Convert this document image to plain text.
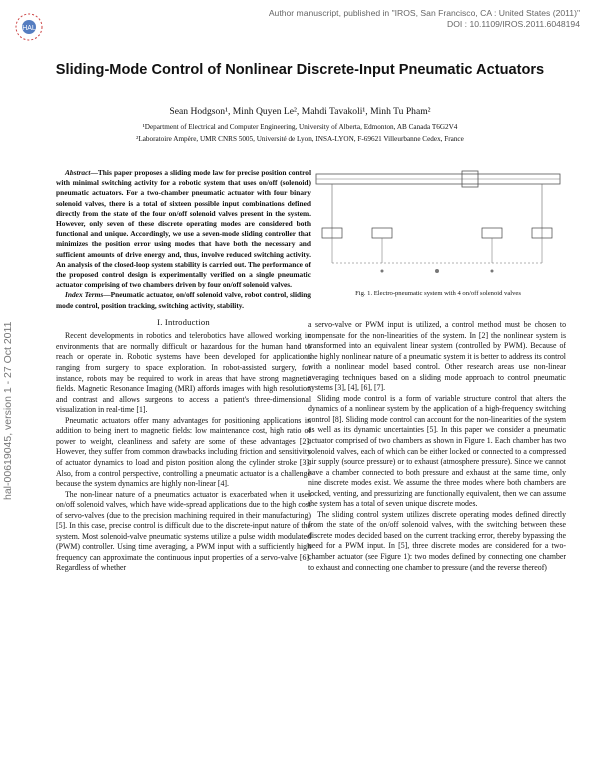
Author manuscript, published in "IROS, San Francisco, CA : United States (2011)"
DOI : 10.1109/IROS.2011.6048194
HAL
hal-00619045, version 1 - 27 Oct 2011
Sliding-Mode Control of Nonlinear Discrete-Input Pneumatic Actuators
Sean Hodgson¹, Minh Quyen Le², Mahdi Tavakoli¹, Minh Tu Pham²
¹Department of Electrical and Computer Engineering, University of Alberta, Edmonton, AB Canada T6G2V4
²Laboratoire Ampère, UMR CNRS 5005, Université de Lyon, INSA-LYON, F-69621 Villeurbanne Cedex, France

Abstract—This paper proposes a sliding mode law for precise position control with minimal switching activity for a robotic system that uses on/off (solenoid) pneumatic actuators. For a two-chamber pneumatic actuator with four binary solenoid valves, there is a total of sixteen possible input combinations defined directly from the state of the four on/off solenoid valves present in the system. However, only seven of these discrete operating modes are considered both functional and unique. Accordingly, we use a seven-mode sliding controller that minimizes the position error using modes that have both the necessary and sufficient amounts of drive energy and, thus, involve reduced switching activity. An analysis of the closed-loop system stability is carried out. The performance of the proposed control design is experimentally verified on a single pneumatic actuator comprising of two chambers driven by four on/off solenoid valves.

Index Terms—Pneumatic actuator, on/off solenoid valve, robot control, sliding mode control, position tracking, switching activity, stability.

I. Introduction

Recent developments in robotics and telerobotics have allowed working in environments that are normally difficult or hazardous for the human hand to reach or operate in. Robotic systems have been developed for applications ranging from surgery to space exploration. In robot-assisted surgery, for instance, robots may be required to work in areas that have strong magnetic fields. Magnetic Resonance Imaging (MRI) affords images with high resolution and contrast and allows surgeons to access a patient's three-dimensional visualization in real-time [1].

Pneumatic actuators offer many advantages for positioning applications in addition to being inert to magnetic fields: low maintenance cost, high ratio of power to weight, cleanliness and safety are some of these advantages [2]. However, they suffer from common drawbacks including friction and sensitivity of actuator dynamics to load and piston position along the cylinder stroke [3]. Also, from a control perspective, controlling a pneumatic actuator is a challenge because the system dynamics are highly non-linear [4].

The non-linear nature of a pneumatics actuator is exacerbated when it uses on/off solenoid valves, which have wide-spread applications due to the high cost of servo-valves (due to the precision machining required in their manufacturing) [5]. In this case, precise control is difficult due to the discrete-input nature of the system. Most solenoid-valve pneumatic systems utilize a pulse width modulated (PWM) controller. Using time averaging, a PWM input with a sufficiently high frequency can approximate the continuous input properties of a servo-valve [6]. Regardless of whether

Fig. 1. Electro-pneumatic system with 4 on/off solenoid valves

a servo-valve or PWM input is utilized, a control method must be chosen to compensate for the non-linearities of the system. In [2] the nonlinear system is transformed into an equivalent linear system (controlled by PWM). Because of the highly nonlinear nature of a pneumatic system it is better to address its control with a nonlinear model based control. Other research areas use non-linear averaging techniques based on a sliding mode approach to control pneumatic systems [3], [4], [6], [7].

Sliding mode control is a form of variable structure control that alters the dynamics of a nonlinear system by the application of a high-frequency switching control [8]. Sliding mode control can account for the non-linearities of the system as well as its dynamic uncertainties [5]. In this paper we consider a pneumatic actuator comprised of two chambers as shown in Figure 1. Each chamber has two solenoid valves, each of which can be either locked or connected to a compressed air supply (source pressure) or to exhaust (atmosphere pressure). Since we cannot have a chamber connected to both pressure and exhaust at the same time, only nine discrete modes exist. We assume the three modes where both chambers are locked, venting, and pressurizing are functionally equivalent, then we can assume the system has a total of seven unique discrete modes.

The sliding control system utilizes discrete operating modes defined directly from the state of the on/off solenoid valves, with the switching between these discrete modes decided based on the current tracking error, thereby bypassing the need for a PWM input. In [5], three discrete modes are considered for a two-chamber actuator (see Figure 1): two modes defined by connecting one chamber to exhaust and connecting one chamber to pressure (and the reverse thereof)
